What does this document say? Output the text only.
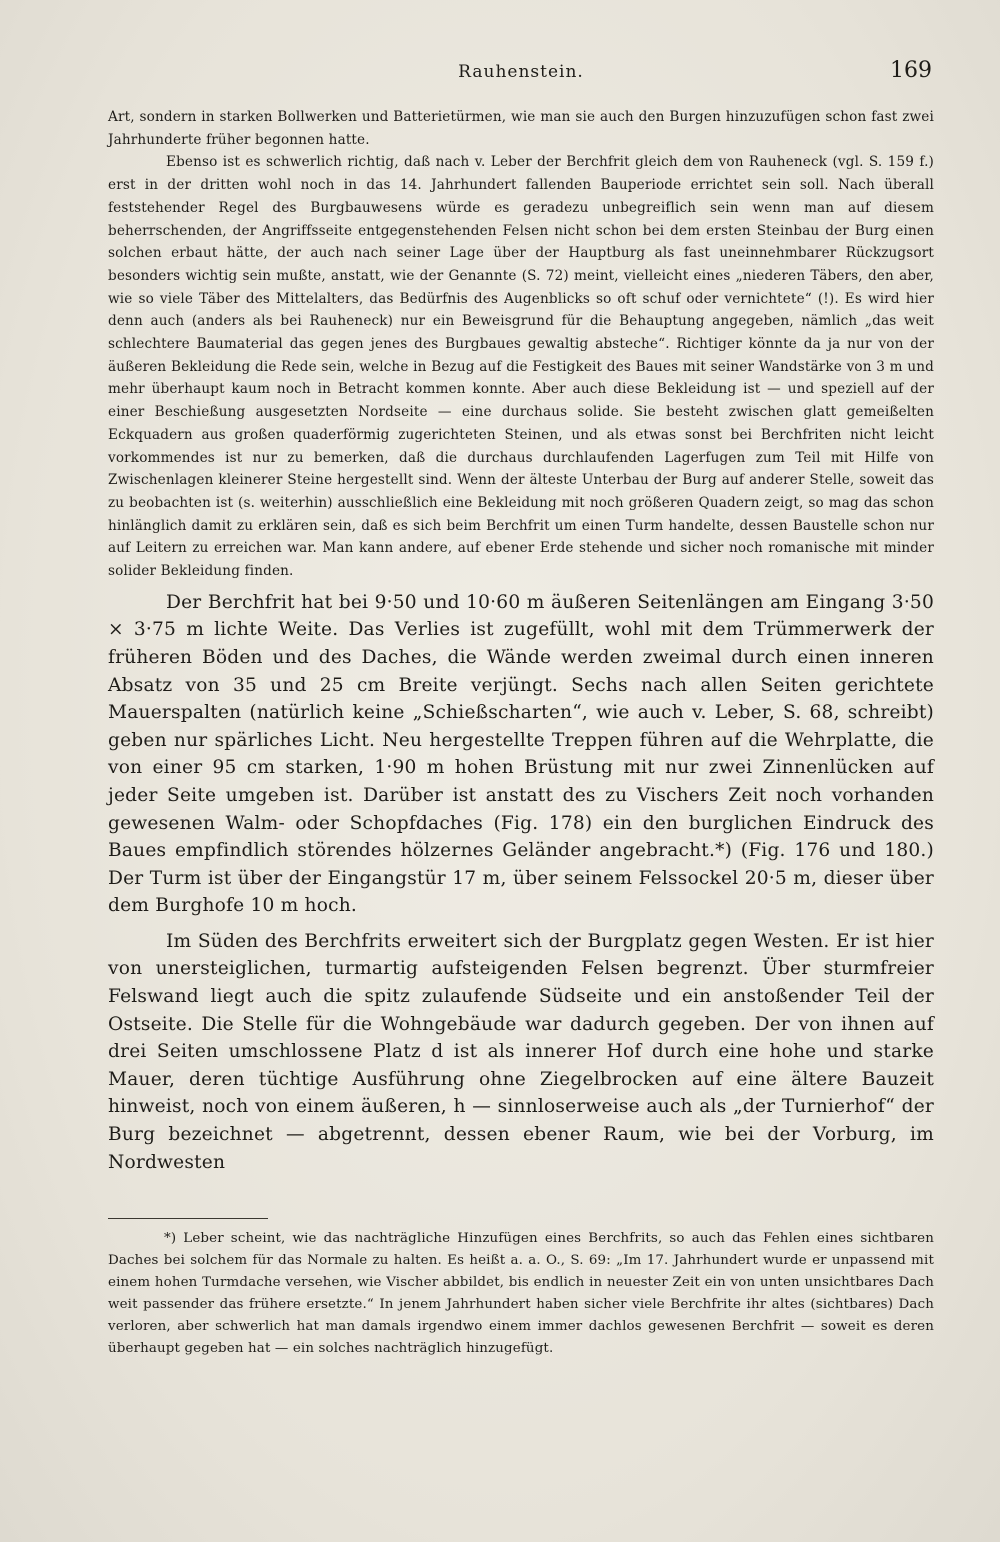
Rauhenstein.	169

Art, sondern in starken Bollwerken und Batterietürmen, wie man sie auch den Burgen hinzuzufügen schon fast zwei Jahrhunderte früher begonnen hatte.

Ebenso ist es schwerlich richtig, daß nach v. Leber der Berchfrit gleich dem von Rauheneck (vgl. S. 159 f.) erst in der dritten wohl noch in das 14. Jahrhundert fallenden Bauperiode errichtet sein soll. Nach überall feststehender Regel des Burgbauwesens würde es geradezu unbegreiflich sein wenn man auf diesem beherrschenden, der Angriffsseite entgegenstehenden Felsen nicht schon bei dem ersten Steinbau der Burg einen solchen erbaut hätte, der auch nach seiner Lage über der Hauptburg als fast uneinnehmbarer Rückzugsort besonders wichtig sein mußte, anstatt, wie der Genannte (S. 72) meint, vielleicht eines „niederen Täbers, den aber, wie so viele Täber des Mittelalters, das Bedürfnis des Augenblicks so oft schuf oder vernichtete“ (!). Es wird hier denn auch (anders als bei Rauheneck) nur ein Beweisgrund für die Behauptung angegeben, nämlich „das weit schlechtere Baumaterial das gegen jenes des Burgbaues gewaltig absteche“. Richtiger könnte da ja nur von der äußeren Bekleidung die Rede sein, welche in Bezug auf die Festigkeit des Baues mit seiner Wandstärke von 3 m und mehr überhaupt kaum noch in Betracht kommen konnte. Aber auch diese Bekleidung ist — und speziell auf der einer Beschießung ausgesetzten Nordseite — eine durchaus solide. Sie besteht zwischen glatt gemeißelten Eckquadern aus großen quaderförmig zugerichteten Steinen, und als etwas sonst bei Berchfriten nicht leicht vorkommendes ist nur zu bemerken, daß die durchaus durchlaufenden Lagerfugen zum Teil mit Hilfe von Zwischenlagen kleinerer Steine hergestellt sind. Wenn der älteste Unterbau der Burg auf anderer Stelle, soweit das zu beobachten ist (s. weiterhin) ausschließlich eine Bekleidung mit noch größeren Quadern zeigt, so mag das schon hinlänglich damit zu erklären sein, daß es sich beim Berchfrit um einen Turm handelte, dessen Baustelle schon nur auf Leitern zu erreichen war. Man kann andere, auf ebener Erde stehende und sicher noch romanische mit minder solider Bekleidung finden.

Der Berchfrit hat bei 9·50 und 10·60 m äußeren Seitenlängen am Eingang 3·50 × 3·75 m lichte Weite. Das Verlies ist zugefüllt, wohl mit dem Trümmerwerk der früheren Böden und des Daches, die Wände werden zweimal durch einen inneren Absatz von 35 und 25 cm Breite verjüngt. Sechs nach allen Seiten gerichtete Mauerspalten (natürlich keine „Schießscharten“, wie auch v. Leber, S. 68, schreibt) geben nur spärliches Licht. Neu hergestellte Treppen führen auf die Wehrplatte, die von einer 95 cm starken, 1·90 m hohen Brüstung mit nur zwei Zinnenlücken auf jeder Seite umgeben ist. Darüber ist anstatt des zu Vischers Zeit noch vorhanden gewesenen Walm- oder Schopfdaches (Fig. 178) ein den burglichen Eindruck des Baues empfindlich störendes hölzernes Geländer angebracht.*) (Fig. 176 und 180.) Der Turm ist über der Eingangstür 17 m, über seinem Felssockel 20·5 m, dieser über dem Burghofe 10 m hoch.

Im Süden des Berchfrits erweitert sich der Burgplatz gegen Westen. Er ist hier von unersteiglichen, turmartig aufsteigenden Felsen begrenzt. Über sturmfreier Felswand liegt auch die spitz zulaufende Südseite und ein anstoßender Teil der Ostseite. Die Stelle für die Wohngebäude war dadurch gegeben. Der von ihnen auf drei Seiten umschlossene Platz d ist als innerer Hof durch eine hohe und starke Mauer, deren tüchtige Ausführung ohne Ziegelbrocken auf eine ältere Bauzeit hinweist, noch von einem äußeren, h — sinnloserweise auch als „der Turnierhof“ der Burg bezeichnet — abgetrennt, dessen ebener Raum, wie bei der Vorburg, im Nordwesten

*) Leber scheint, wie das nachträgliche Hinzufügen eines Berchfrits, so auch das Fehlen eines sichtbaren Daches bei solchem für das Normale zu halten. Es heißt a. a. O., S. 69: „Im 17. Jahrhundert wurde er unpassend mit einem hohen Turmdache versehen, wie Vischer abbildet, bis endlich in neuester Zeit ein von unten unsichtbares Dach weit passender das frühere ersetzte.“ In jenem Jahrhundert haben sicher viele Berchfrite ihr altes (sichtbares) Dach verloren, aber schwerlich hat man damals irgendwo einem immer dachlos gewesenen Berchfrit — soweit es deren überhaupt gegeben hat — ein solches nachträglich hinzugefügt.
